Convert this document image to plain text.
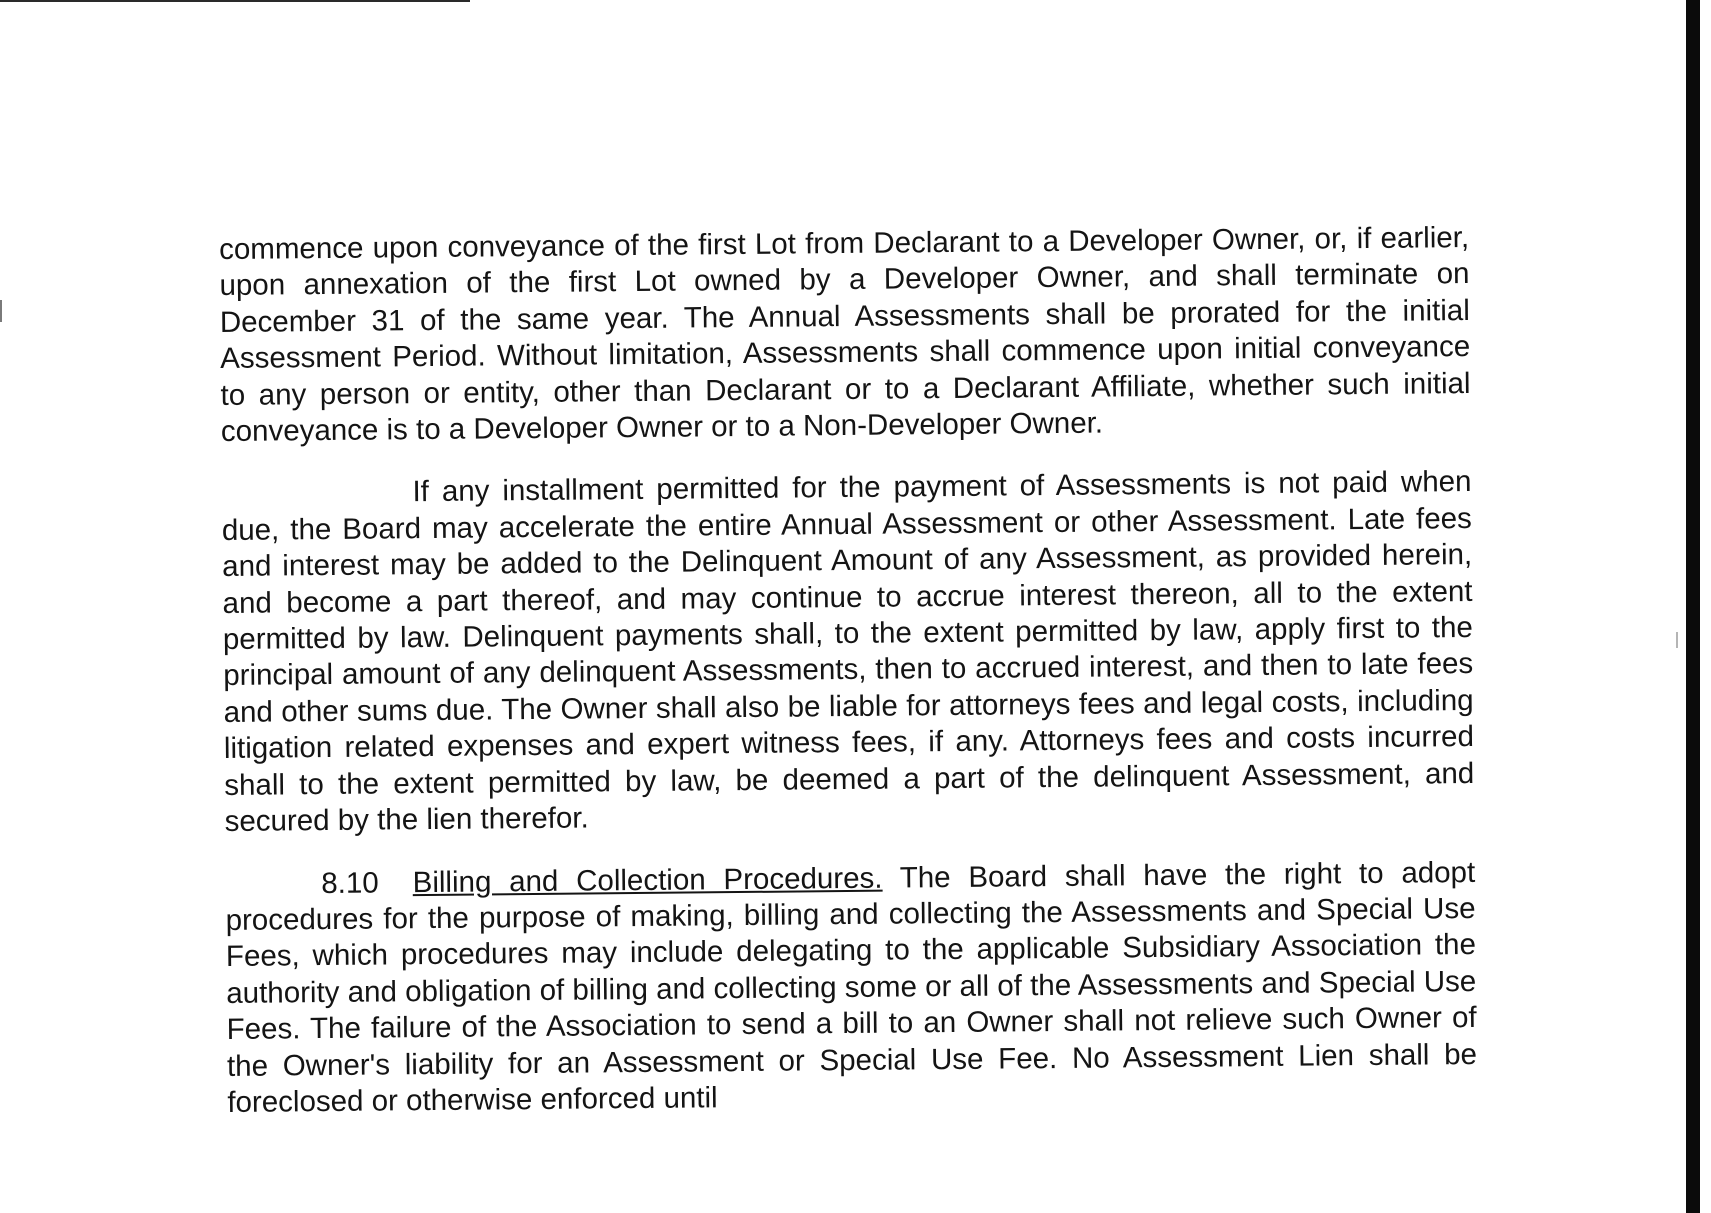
commence upon conveyance of the first Lot from Declarant to a Developer Owner, or, if earlier, upon annexation of the first Lot owned by a Developer Owner, and shall terminate on December 31 of the same year. The Annual Assessments shall be prorated for the initial Assessment Period. Without limitation, Assessments shall commence upon initial conveyance to any person or entity, other than Declarant or to a Declarant Affiliate, whether such initial conveyance is to a Developer Owner or to a Non-Developer Owner.

If any installment permitted for the payment of Assessments is not paid when due, the Board may accelerate the entire Annual Assessment or other Assessment. Late fees and interest may be added to the Delinquent Amount of any Assessment, as provided herein, and become a part thereof, and may continue to accrue interest thereon, all to the extent permitted by law. Delinquent payments shall, to the extent permitted by law, apply first to the principal amount of any delinquent Assessments, then to accrued interest, and then to late fees and other sums due. The Owner shall also be liable for attorneys fees and legal costs, including litigation related expenses and expert witness fees, if any. Attorneys fees and costs incurred shall to the extent permitted by law, be deemed a part of the delinquent Assessment, and secured by the lien therefor.

8.10 Billing and Collection Procedures. The Board shall have the right to adopt procedures for the purpose of making, billing and collecting the Assessments and Special Use Fees, which procedures may include delegating to the applicable Subsidiary Association the authority and obligation of billing and collecting some or all of the Assessments and Special Use Fees. The failure of the Association to send a bill to an Owner shall not relieve such Owner of the Owner's liability for an Assessment or Special Use Fee. No Assessment Lien shall be foreclosed or otherwise enforced until
